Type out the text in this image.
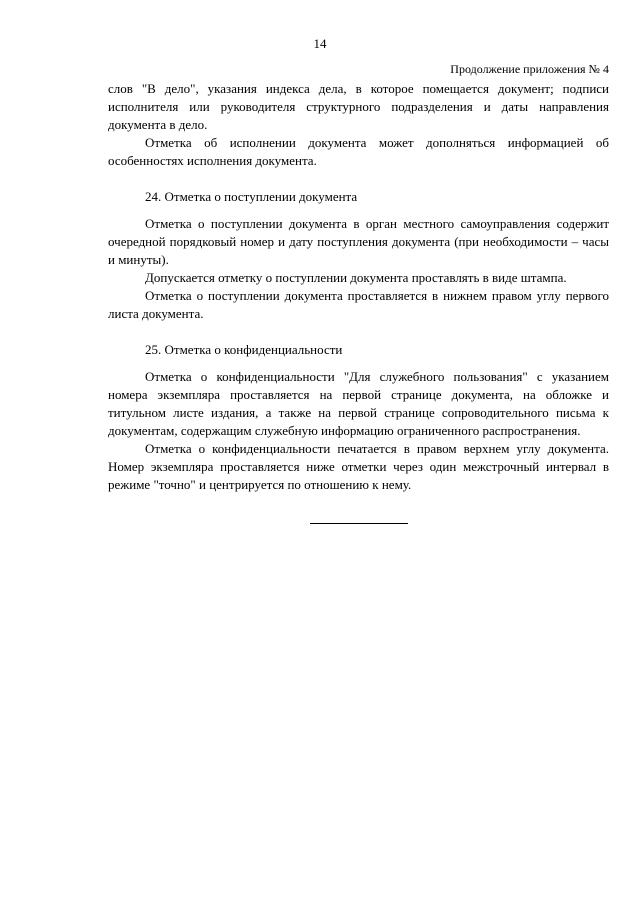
14
Продолжение приложения № 4

слов "В дело", указания индекса дела, в которое помещается документ; подписи исполнителя или руководителя структурного подразделения и даты направления документа в дело.

Отметка об исполнении документа может дополняться информацией об особенностях исполнения документа.

24. Отметка о поступлении документа

Отметка о поступлении документа в орган местного самоуправления содержит очередной порядковый номер и дату поступления документа (при необходимости – часы и минуты).

Допускается отметку о поступлении документа проставлять в виде штампа.

Отметка о поступлении документа проставляется в нижнем правом углу первого листа документа.

25. Отметка о конфиденциальности

Отметка о конфиденциальности "Для служебного пользования" с указанием номера экземпляра проставляется на первой странице документа, на обложке и титульном листе издания, а также на первой странице сопроводительного письма к документам, содержащим служебную информацию ограниченного распространения.

Отметка о конфиденциальности печатается в правом верхнем углу документа. Номер экземпляра проставляется ниже отметки через один межстрочный интервал в режиме "точно" и центрируется по отношению к нему.
